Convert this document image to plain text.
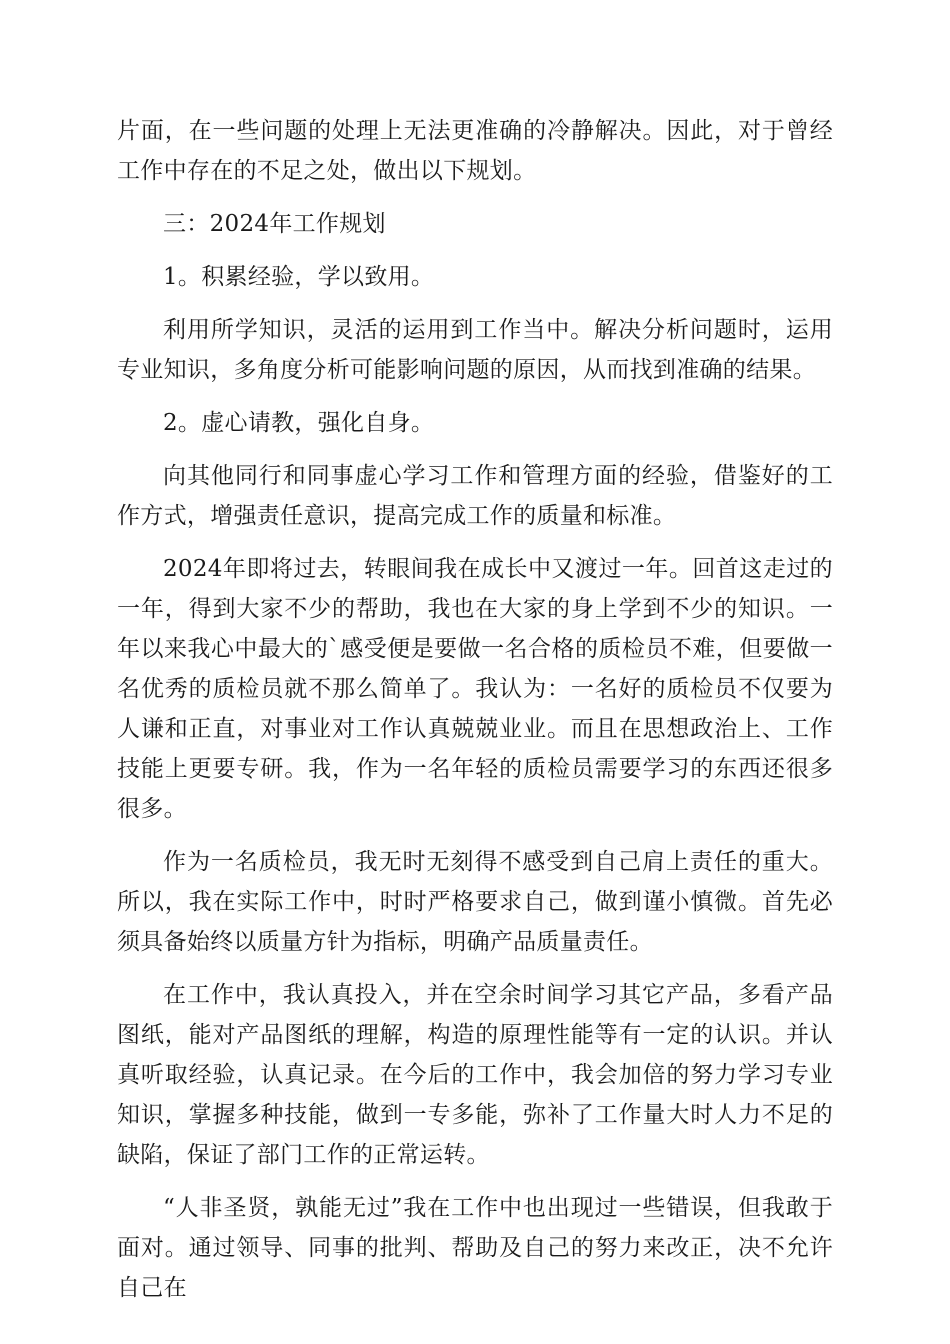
片面，在一些问题的处理上无法更准确的冷静解决。因此，对于曾经工作中存在的不足之处，做出以下规划。

三：2024年工作规划

1。积累经验，学以致用。

利用所学知识，灵活的运用到工作当中。解决分析问题时，运用专业知识，多角度分析可能影响问题的原因，从而找到准确的结果。

2。虚心请教，强化自身。

向其他同行和同事虚心学习工作和管理方面的经验，借鉴好的工作方式，增强责任意识，提高完成工作的质量和标准。

2024年即将过去，转眼间我在成长中又渡过一年。回首这走过的一年，得到大家不少的帮助，我也在大家的身上学到不少的知识。一年以来我心中最大的`感受便是要做一名合格的质检员不难，但要做一名优秀的质检员就不那么简单了。我认为：一名好的质检员不仅要为人谦和正直，对事业对工作认真兢兢业业。而且在思想政治上、工作技能上更要专研。我，作为一名年轻的质检员需要学习的东西还很多很多。

作为一名质检员，我无时无刻得不感受到自己肩上责任的重大。所以，我在实际工作中，时时严格要求自己，做到谨小慎微。首先必须具备始终以质量方针为指标，明确产品质量责任。

在工作中，我认真投入，并在空余时间学习其它产品，多看产品图纸，能对产品图纸的理解，构造的原理性能等有一定的认识。并认真听取经验，认真记录。在今后的工作中，我会加倍的努力学习专业知识，掌握多种技能，做到一专多能，弥补了工作量大时人力不足的缺陷，保证了部门工作的正常运转。

“人非圣贤，孰能无过”我在工作中也出现过一些错误，但我敢于面对。通过领导、同事的批判、帮助及自己的努力来改正，决不允许自己在
